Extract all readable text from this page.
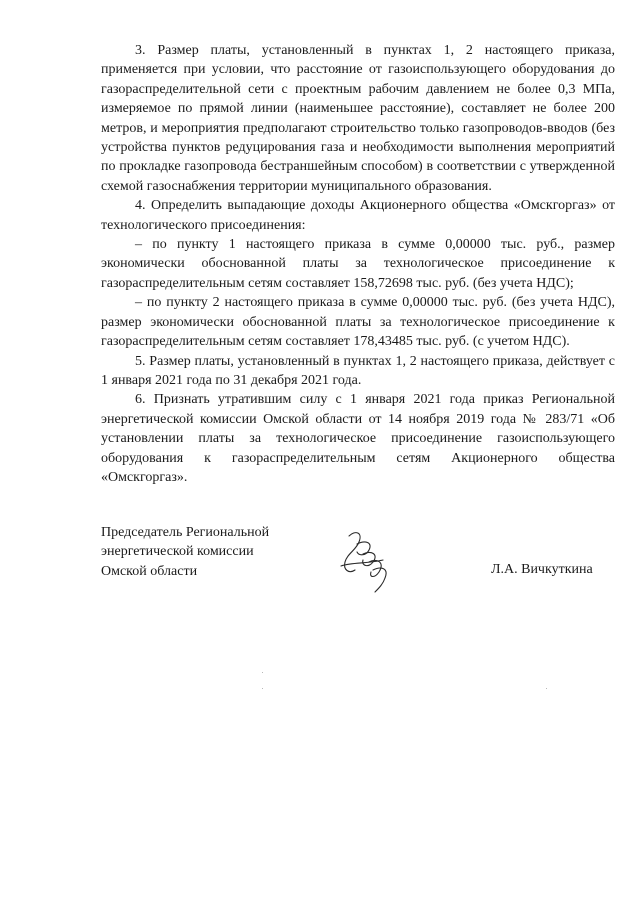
3. Размер платы, установленный в пунктах 1, 2 настоящего приказа, применяется при условии, что расстояние от газоиспользующего оборудования до газораспределительной сети с проектным рабочим давлением не более 0,3 МПа, измеряемое по прямой линии (наименьшее расстояние), составляет не более 200 метров, и мероприятия предполагают строительство только газопроводов-вводов (без устройства пунктов редуцирования газа и необходимости выполнения мероприятий по прокладке газопровода бестраншейным способом) в соответствии с утвержденной схемой газоснабжения территории муниципального образования.

4. Определить выпадающие доходы Акционерного общества «Омскгоргаз» от технологического присоединения:

– по пункту 1 настоящего приказа в сумме 0,00000 тыс. руб., размер экономически обоснованной платы за технологическое присоединение к газораспределительным сетям составляет 158,72698 тыс. руб. (без учета НДС);

– по пункту 2 настоящего приказа в сумме 0,00000 тыс. руб. (без учета НДС), размер экономически обоснованной платы за технологическое присоединение к газораспределительным сетям составляет 178,43485 тыс. руб. (с учетом НДС).

5. Размер платы, установленный в пунктах 1, 2 настоящего приказа, действует с 1 января 2021 года по 31 декабря 2021 года.

6. Признать утратившим силу с 1 января 2021 года приказ Региональной энергетической комиссии Омской области от 14 ноября 2019 года № 283/71 «Об установлении платы за технологическое присоединение газоиспользующего оборудования к газораспределительным сетям Акционерного общества «Омскгоргаз».

Председатель Региональной
энергетической комиссии
Омской области	Л.А. Вичкуткина
